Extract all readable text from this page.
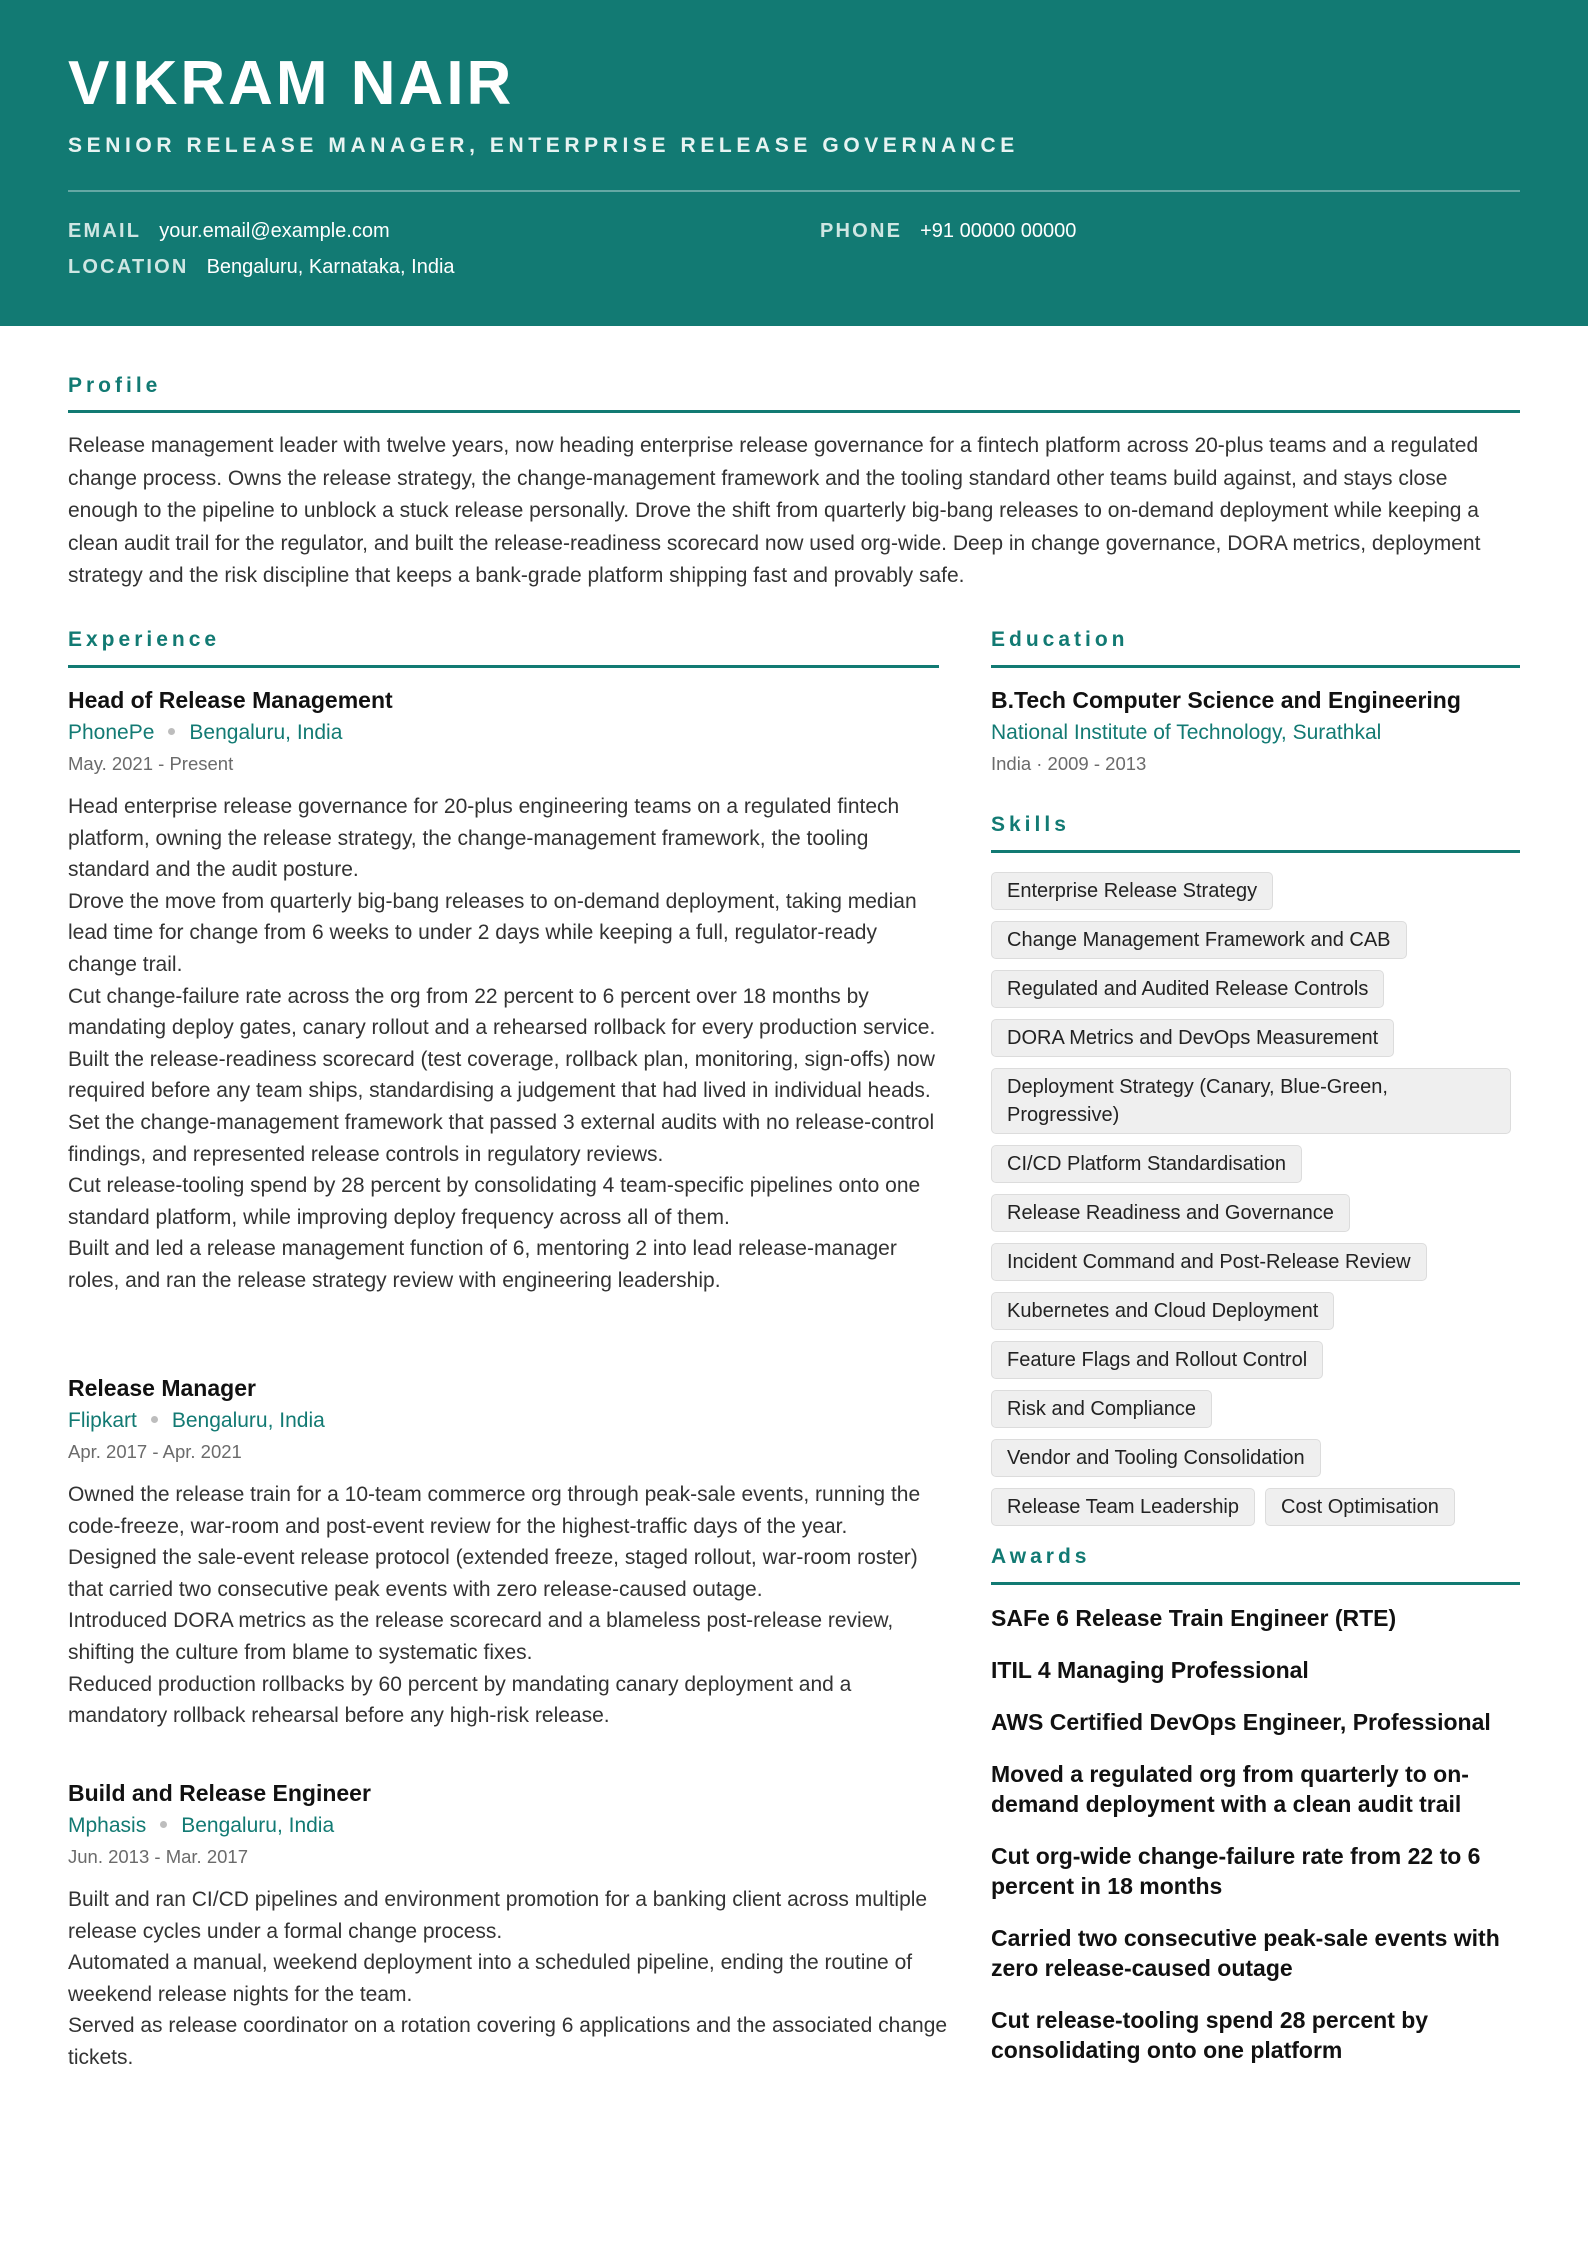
VIKRAM NAIR
SENIOR RELEASE MANAGER, ENTERPRISE RELEASE GOVERNANCE
EMAIL your.email@example.com	PHONE +91 00000 00000
LOCATION Bengaluru, Karnataka, India
Profile
Release management leader with twelve years, now heading enterprise release governance for a fintech platform across 20-plus teams and a regulated change process. Owns the release strategy, the change-management framework and the tooling standard other teams build against, and stays close enough to the pipeline to unblock a stuck release personally. Drove the shift from quarterly big-bang releases to on-demand deployment while keeping a clean audit trail for the regulator, and built the release-readiness scorecard now used org-wide. Deep in change governance, DORA metrics, deployment strategy and the risk discipline that keeps a bank-grade platform shipping fast and provably safe.
Experience
Head of Release Management
PhonePe Bengaluru, India
May. 2021 - Present
Head enterprise release governance for 20-plus engineering teams on a regulated fintech platform, owning the release strategy, the change-management framework, the tooling standard and the audit posture.
Drove the move from quarterly big-bang releases to on-demand deployment, taking median lead time for change from 6 weeks to under 2 days while keeping a full, regulator-ready change trail.
Cut change-failure rate across the org from 22 percent to 6 percent over 18 months by mandating deploy gates, canary rollout and a rehearsed rollback for every production service.
Built the release-readiness scorecard (test coverage, rollback plan, monitoring, sign-offs) now required before any team ships, standardising a judgement that had lived in individual heads.
Set the change-management framework that passed 3 external audits with no release-control findings, and represented release controls in regulatory reviews.
Cut release-tooling spend by 28 percent by consolidating 4 team-specific pipelines onto one standard platform, while improving deploy frequency across all of them.
Built and led a release management function of 6, mentoring 2 into lead release-manager roles, and ran the release strategy review with engineering leadership.
Release Manager
Flipkart Bengaluru, India
Apr. 2017 - Apr. 2021
Owned the release train for a 10-team commerce org through peak-sale events, running the code-freeze, war-room and post-event review for the highest-traffic days of the year.
Designed the sale-event release protocol (extended freeze, staged rollout, war-room roster) that carried two consecutive peak events with zero release-caused outage.
Introduced DORA metrics as the release scorecard and a blameless post-release review, shifting the culture from blame to systematic fixes.
Reduced production rollbacks by 60 percent by mandating canary deployment and a mandatory rollback rehearsal before any high-risk release.
Build and Release Engineer
Mphasis Bengaluru, India
Jun. 2013 - Mar. 2017
Built and ran CI/CD pipelines and environment promotion for a banking client across multiple release cycles under a formal change process.
Automated a manual, weekend deployment into a scheduled pipeline, ending the routine of weekend release nights for the team.
Served as release coordinator on a rotation covering 6 applications and the associated change tickets.
Education
B.Tech Computer Science and Engineering
National Institute of Technology, Surathkal
India · 2009 - 2013
Skills
Enterprise Release Strategy
Change Management Framework and CAB
Regulated and Audited Release Controls
DORA Metrics and DevOps Measurement
Deployment Strategy (Canary, Blue-Green, Progressive)
CI/CD Platform Standardisation
Release Readiness and Governance
Incident Command and Post-Release Review
Kubernetes and Cloud Deployment
Feature Flags and Rollout Control
Risk and Compliance
Vendor and Tooling Consolidation
Release Team Leadership	Cost Optimisation
Awards
SAFe 6 Release Train Engineer (RTE)
ITIL 4 Managing Professional
AWS Certified DevOps Engineer, Professional
Moved a regulated org from quarterly to on-demand deployment with a clean audit trail
Cut org-wide change-failure rate from 22 to 6 percent in 18 months
Carried two consecutive peak-sale events with zero release-caused outage
Cut release-tooling spend 28 percent by consolidating onto one platform
